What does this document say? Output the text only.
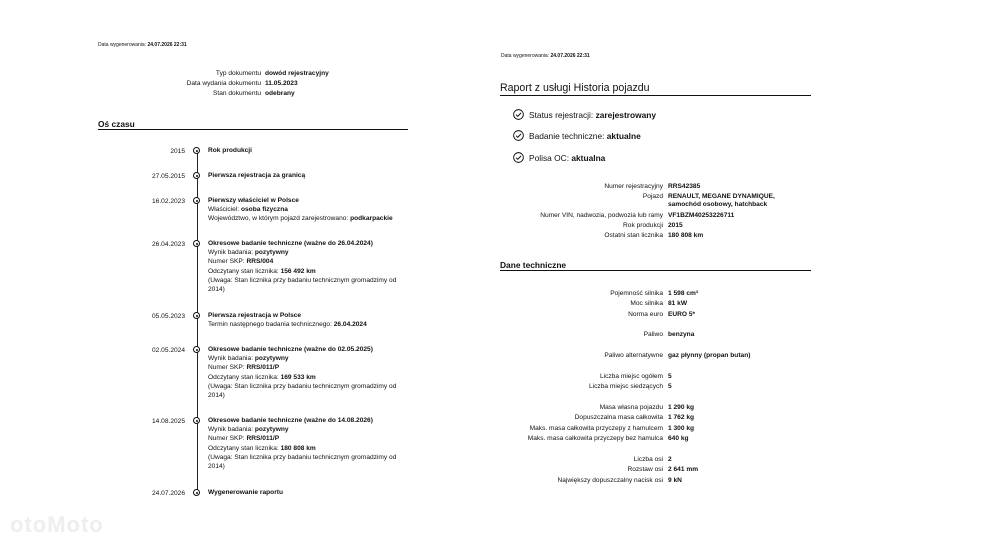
Data wygenerowania: 24.07.2026 22:31
Typ dokumentu dowód rejestracyjny
Data wydania dokumentu 11.05.2023
Stan dokumentu odebrany
Oś czasu
2015	Rok produkcji
27.05.2015	Pierwsza rejestracja za granicą
16.02.2023	Pierwszy właściciel w Polsce
Właściciel: osoba fizyczna
Województwo, w którym pojazd zarejestrowano: podkarpackie
26.04.2023	Okresowe badanie techniczne (ważne do 26.04.2024)
Wynik badania: pozytywny
Numer SKP: RRS/004
Odczytany stan licznika: 156 492 km
(Uwaga: Stan licznika przy badaniu technicznym gromadzimy od 2014)
05.05.2023	Pierwsza rejestracja w Polsce
Termin następnego badania technicznego: 26.04.2024
02.05.2024	Okresowe badanie techniczne (ważne do 02.05.2025)
Wynik badania: pozytywny
Numer SKP: RRS/011/P
Odczytany stan licznika: 169 533 km
(Uwaga: Stan licznika przy badaniu technicznym gromadzimy od 2014)
14.08.2025	Okresowe badanie techniczne (ważne do 14.08.2026)
Wynik badania: pozytywny
Numer SKP: RRS/011/P
Odczytany stan licznika: 180 808 km
(Uwaga: Stan licznika przy badaniu technicznym gromadzimy od 2014)
24.07.2026	Wygenerowanie raportu
Data wygenerowania: 24.07.2026 22:31
Raport z usługi Historia pojazdu
Status rejestracji:
zarejestrowany
Badanie techniczne:
aktualne
Polisa OC:
aktualna
Numer rejestracyjny RRS42385
Pojazd RENAULT, MEGANE DYNAMIQUE, samochód osobowy, hatchback
Numer VIN, nadwozia, podwozia lub ramy VF1BZM40253226711
Rok produkcji 2015
Ostatni stan licznika 180 808 km
Dane techniczne
Pojemność silnika 1 598 cm³
Moc silnika 81 kW
Norma euro EURO 5*
Paliwo benzyna
Paliwo alternatywne gaz płynny (propan butan)
Liczba miejsc ogółem 5
Liczba miejsc siedzących 5
Masa własna pojazdu 1 290 kg
Dopuszczalna masa całkowita 1 762 kg
Maks. masa całkowita przyczepy z hamulcem 1 300 kg
Maks. masa całkowita przyczepy bez hamulca 640 kg
Liczba osi 2
Rozstaw osi 2 641 mm
Największy dopuszczalny nacisk osi 9 kN
otoMoto
